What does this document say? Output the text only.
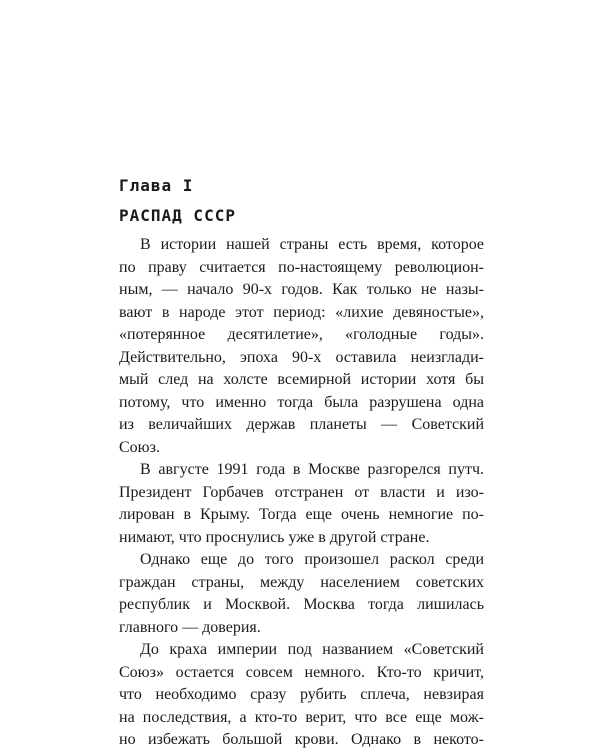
Глава I
РАСПАД СССР
В истории нашей страны есть время, которое
по праву считается по-настоящему революцион-
ным, — начало 90-х годов. Как только не назы-
вают в народе этот период: «лихие девяностые»,
«потерянное десятилетие», «голодные годы».
Действительно, эпоха 90-х оставила неизглади-
мый след на холсте всемирной истории хотя бы
потому, что именно тогда была разрушена одна
из величайших держав планеты — Советский
Союз.
В августе 1991 года в Москве разгорелся путч.
Президент Горбачев отстранен от власти и изо-
лирован в Крыму. Тогда еще очень немногие по-
нимают, что проснулись уже в другой стране.
Однако еще до того произошел раскол среди
граждан страны, между населением советских
республик и Москвой. Москва тогда лишилась
главного — доверия.
До краха империи под названием «Советский
Союз» остается совсем немного. Кто-то кричит,
что необходимо сразу рубить сплеча, невзирая
на последствия, а кто-то верит, что все еще мож-
но избежать большой крови. Однако в некото-
